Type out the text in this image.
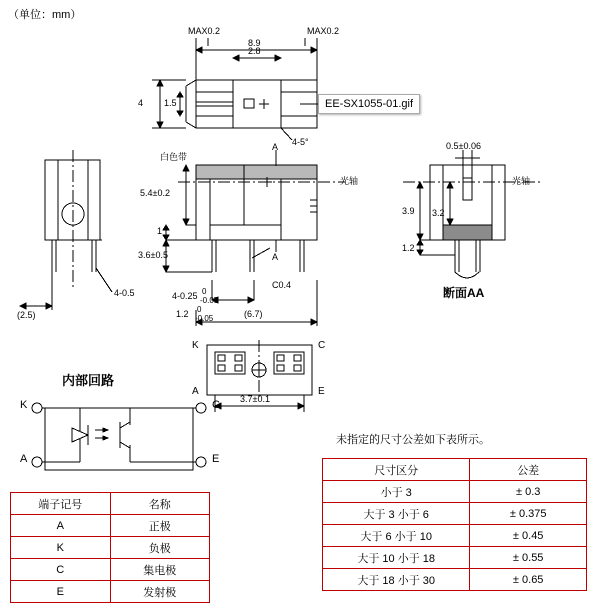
（单位：mm）
MAX0.2
8.9
MAX0.2
2.8
4 1.5
4-5°
EE-SX1055-01.gif
白色带
光轴
A
A
C0.4
5.4±0.2
1
3.6±0.5
4-0.25 0
-0.05
1.2 0
-0.05	(6.7)
4-0.5
(2.5)
0.5±0.06
3.9 3.2
1.2
光轴
断面AA
K	C
A	E
3.7±0.1
内部回路
K	C
A	E
端子记号	名称
A	正极
K	负极
C	集电极
E	发射极
未指定的尺寸公差如下表所示。
尺寸区分	公差
小于 3	± 0.3
大于 3 小于 6	± 0.375
大于 6 小于 10	± 0.45
大于 10 小于 18	± 0.55
大于 18 小于 30	± 0.65
